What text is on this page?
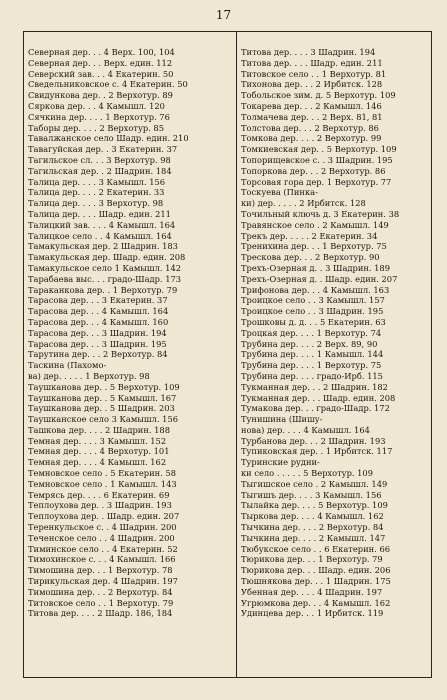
17
Северная дер. . . 4 Верх. 100, 104
Северная дер. . . Верх. един. 112
Северский зав. . . 4 Екатерин. 50
Сведельниковское с. 4 Екатерин. 50
Свидункова дер. . 2 Верхотур. 89
Сяркова дер. . . 4 Камышл. 120
Сячкина дер. . . . 1 Верхотур. 76
Таборы дер. . . . 2 Верхотур. 85
Тавалжанское село Шадр. един. 210
Тавагуйская дер. . 3 Екатерин. 37
Тагильское сл. . . 3 Верхотур. 98
Тагильская дер. . 2 Шадрин. 184
Талица дер. . . . 3 Камышл. 156
Талица дер. . . . 2 Екатерин. 33
Талица дер. . . . 3 Верхотур. 98
Талица дер. . . . Шадр. един. 211
Талицкий зав. . . . 4 Камышл. 164
Талицкое село . . 4 Камышл. 164
Тамакульская дер. 2 Шадрин. 183
Тамакульская дер. Шадр. един. 208
Тамакульское село 1 Камышл. 142
Тарабаева выс. . . градо-Шадр. 173
Тараканкова дер. . 1 Верхотур. 79
Тарасова дер. . . 3 Екатерин. 37
Тарасова дер. . . 4 Камышл. 164
Тарасова дер. . . 4 Камышл. 160
Тарасова дер. . . 3 Шадрин. 194
Тарасова дер. . . 3 Шадрин. 195
Тарутина дер. . . 2 Верхотур. 84
Таскина (Пахомо-
ва) дер. . . . . 1 Верхотур. 98
Таушканова дер. . 5 Верхотур. 109
Таушканова дер. . 5 Камышл. 167
Таушканова дер. . 5 Шадрин. 203
Таушканское село 3 Камышл. 156
Ташкова дер. . . . 2 Шадрин. 188
Темная дер. . . . 3 Камышл. 152
Темная дер. . . . 4 Верхотур. 101
Темная дер. . . . 4 Камышл. 162
Темновское село . 5 Екатерин. 58
Темновское село . 1 Камышл. 143
Темрясь дер. . . . 6 Екатерин. 69
Теплоухова дер. . 3 Шадрин. 193
Теплоухова дер. . Шадр. един. 207
Теренкульское с. . 4 Шадрин. 200
Теченское село . . 4 Шадрин. 200
Тиминское село . . 4 Екатерин. 52
Тимохинское с. . . 4 Камышл. 166
Тимошина дер. . . 1 Верхотур. 78
Тирикульская дер. 4 Шадрин. 197
Тимошина дер. . . 2 Верхотур. 84
Титовское село . . 1 Верхотур. 79
Титова дер. . . . 2 Шадр. 186, 184
Титова дер. . . . 3 Шадрин. 194
Титова дер. . . . Шадр. един. 211
Титовское село . . 1 Верхотур. 81
Тихонова дер. . . 2 Ирбитск. 128
Тобольское зим. д. 5 Верхотур. 109
Токарева дер. . . 2 Камышл. 146
Толмачева дер. . . 2 Верх. 81, 81
Толстова дер. . . 2 Верхотур. 86
Томкова дер. . . . 2 Верхотур. 99
Томкиевская дер. . 5 Верхотур. 109
Топорищевское с. . 3 Шадрин. 195
Топоркова дер. . . 2 Верхотур. 86
Торсовая гора дер. 1 Верхотур. 77
Тоскуева (Пинка-
ки) дер. . . . . 2 Ирбитск. 128
Точильный ключь д. 3 Екатерин. 38
Травянское село . 2 Камышл. 149
Трекъ дер. . . . . 2 Екатерин. 34
Тренихина дер. . . 1 Верхотур. 75
Трескова дер. . . 2 Верхотур. 90
Трехъ-Озерная д. . 3 Шадрин. 189
Трехъ-Озерная д. . Шадр. един. 207
Трифонова дер. . . 4 Камышл. 163
Троицкое село . . 3 Камышл. 157
Троицкое село . . 3 Шадрин. 195
Трошковы д. д. . . 5 Екатерин. 63
Троцкая дер. . . . 1 Верхотур. 74
Трубина дер. . . . 2 Верх. 89, 90
Трубина дер. . . . 1 Камышл. 144
Трубина дер. . . . 1 Верхотур. 75
Трубина дер. . . . градо-Ирб. 115
Тукманная дер. . . 2 Шадрин. 182
Тукманная дер. . . Шадр. един. 208
Тумакова дер. . . градо-Шадр. 172
Тунишина (Шишу-
нова) дер. . . . 4 Камышл. 164
Турбанова дер. . . 2 Шадрин. 193
Тупиковская дер. . 1 Ирбитск. 117
Туринские рудни-
ки село . . . . . 5 Верхотур. 109
Тыгишское село . 2 Камышл. 149
Тыгишъ дер. . . . 3 Камышл. 156
Тылайка дер. . . . 5 Верхотур. 109
Тыркова дер. . . . 4 Камышл. 162
Тычкина дер. . . . 2 Верхотур. 84
Тычкина дер. . . . 2 Камышл. 147
Тюбукское село . . 6 Екатерин. 66
Тюрикова дер. . . 1 Верхотур. 79
Тюрикова дер. . . Шадр. един. 206
Тюшнякова дер. . . 1 Шадрин. 175
Убенная дер. . . . 4 Шадрин. 197
Угрюмкова дер. . . 4 Камышл. 162
Удинцева дер. . . 1 Ирбитск. 119
